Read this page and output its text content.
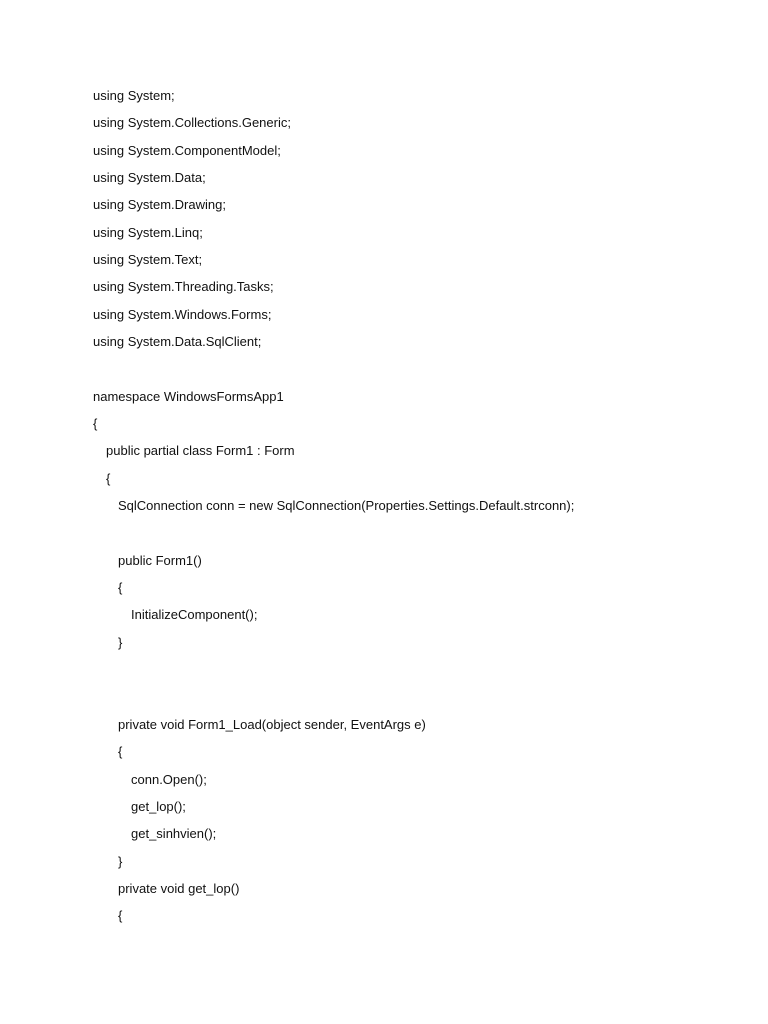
using System;
using System.Collections.Generic;
using System.ComponentModel;
using System.Data;
using System.Drawing;
using System.Linq;
using System.Text;
using System.Threading.Tasks;
using System.Windows.Forms;
using System.Data.SqlClient;
namespace WindowsFormsApp1
{
public partial class Form1 : Form
{
SqlConnection conn = new SqlConnection(Properties.Settings.Default.strconn);
public Form1()
{
InitializeComponent();
}
private void Form1_Load(object sender, EventArgs e)
{
conn.Open();
get_lop();
get_sinhvien();
}
private void get_lop()
{
